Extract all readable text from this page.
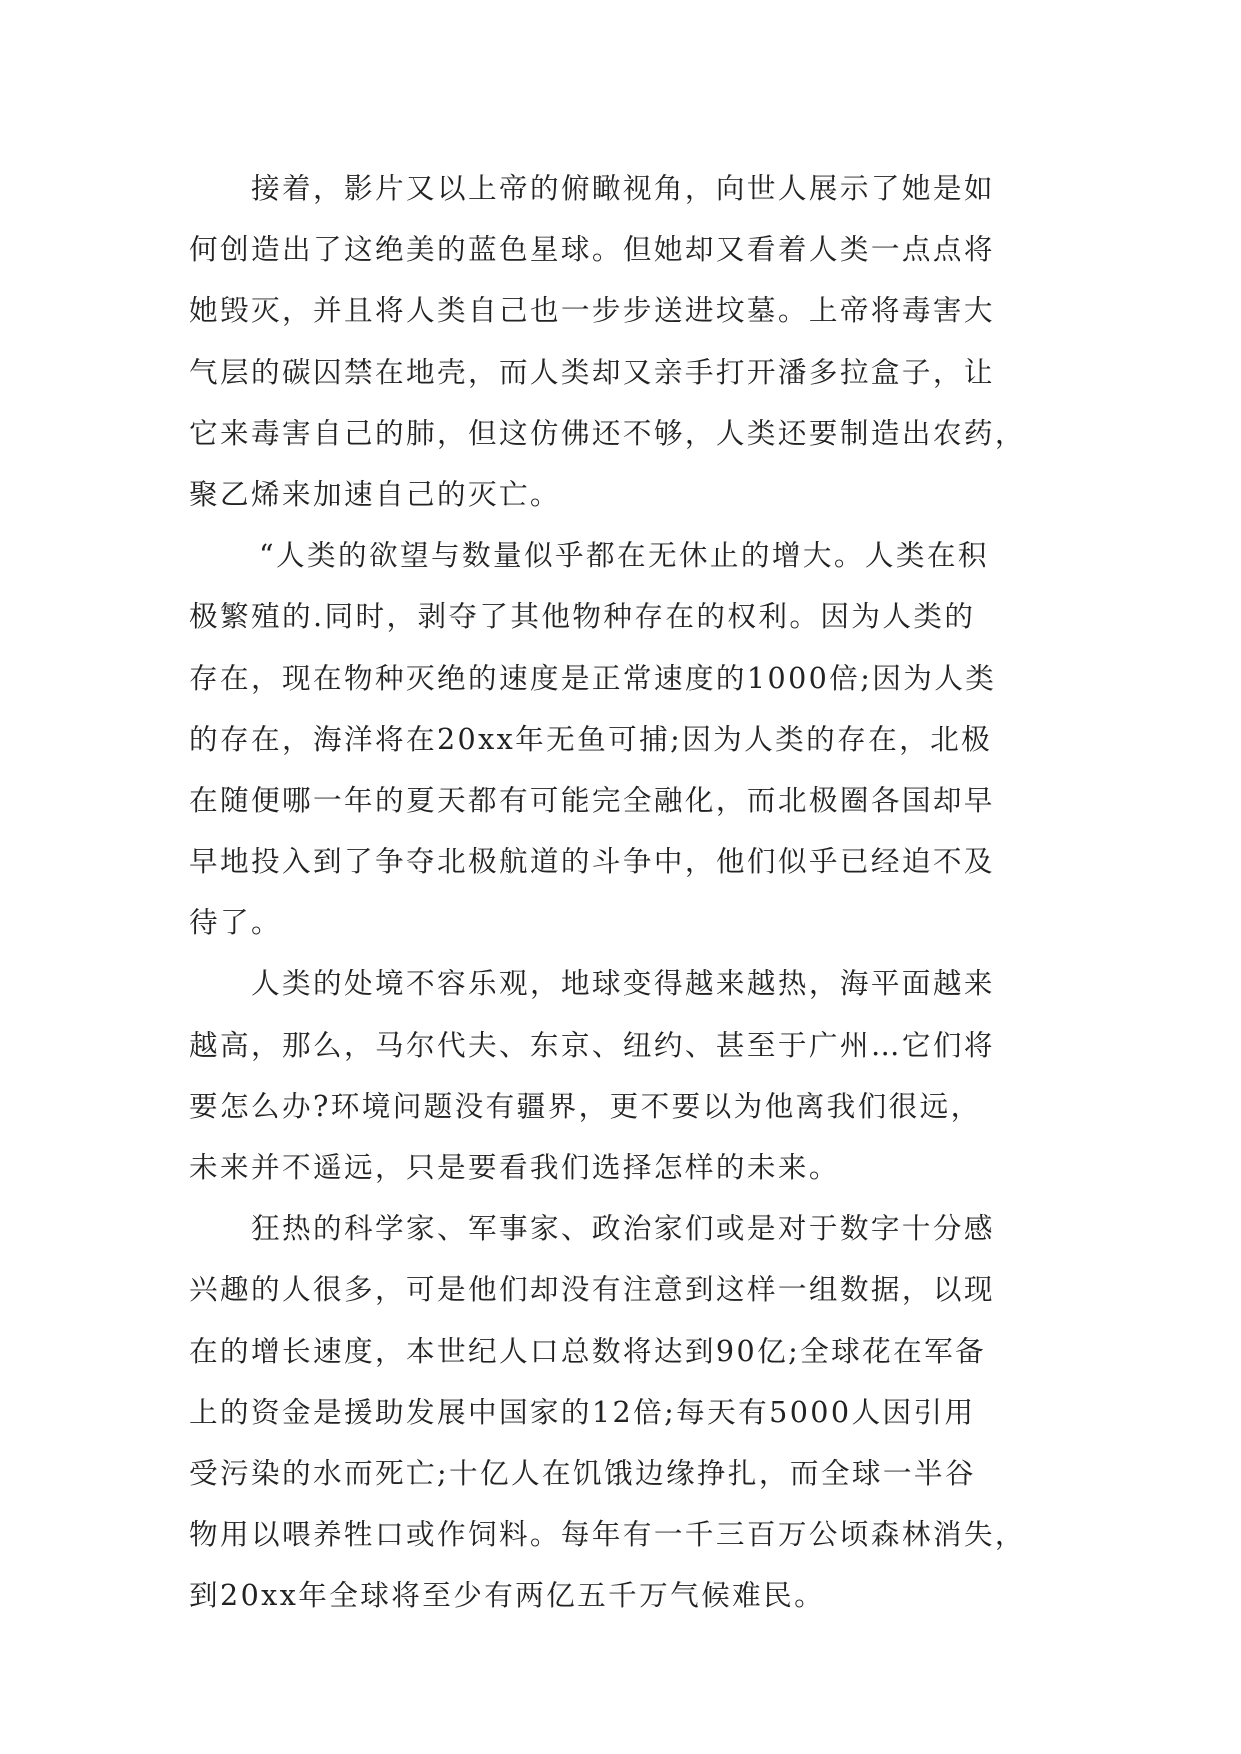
接着，影片又以上帝的俯瞰视角，向世人展示了她是如
何创造出了这绝美的蓝色星球。但她却又看着人类一点点将
她毁灭，并且将人类自己也一步步送进坟墓。上帝将毒害大
气层的碳囚禁在地壳，而人类却又亲手打开潘多拉盒子，让
它来毒害自己的肺，但这仿佛还不够，人类还要制造出农药，
聚乙烯来加速自己的灭亡。
“人类的欲望与数量似乎都在无休止的增大。人类在积
极繁殖的.同时，剥夺了其他物种存在的权利。因为人类的
存在，现在物种灭绝的速度是正常速度的1000倍;因为人类
的存在，海洋将在20xx年无鱼可捕;因为人类的存在，北极
在随便哪一年的夏天都有可能完全融化，而北极圈各国却早
早地投入到了争夺北极航道的斗争中，他们似乎已经迫不及
待了。
人类的处境不容乐观，地球变得越来越热，海平面越来
越高，那么，马尔代夫、东京、纽约、甚至于广州…它们将
要怎么办?环境问题没有疆界，更不要以为他离我们很远，
未来并不遥远，只是要看我们选择怎样的未来。
狂热的科学家、军事家、政治家们或是对于数字十分感
兴趣的人很多，可是他们却没有注意到这样一组数据，以现
在的增长速度，本世纪人口总数将达到90亿;全球花在军备
上的资金是援助发展中国家的12倍;每天有5000人因引用
受污染的水而死亡;十亿人在饥饿边缘挣扎，而全球一半谷
物用以喂养牲口或作饲料。每年有一千三百万公顷森林消失，
到20xx年全球将至少有两亿五千万气候难民。
